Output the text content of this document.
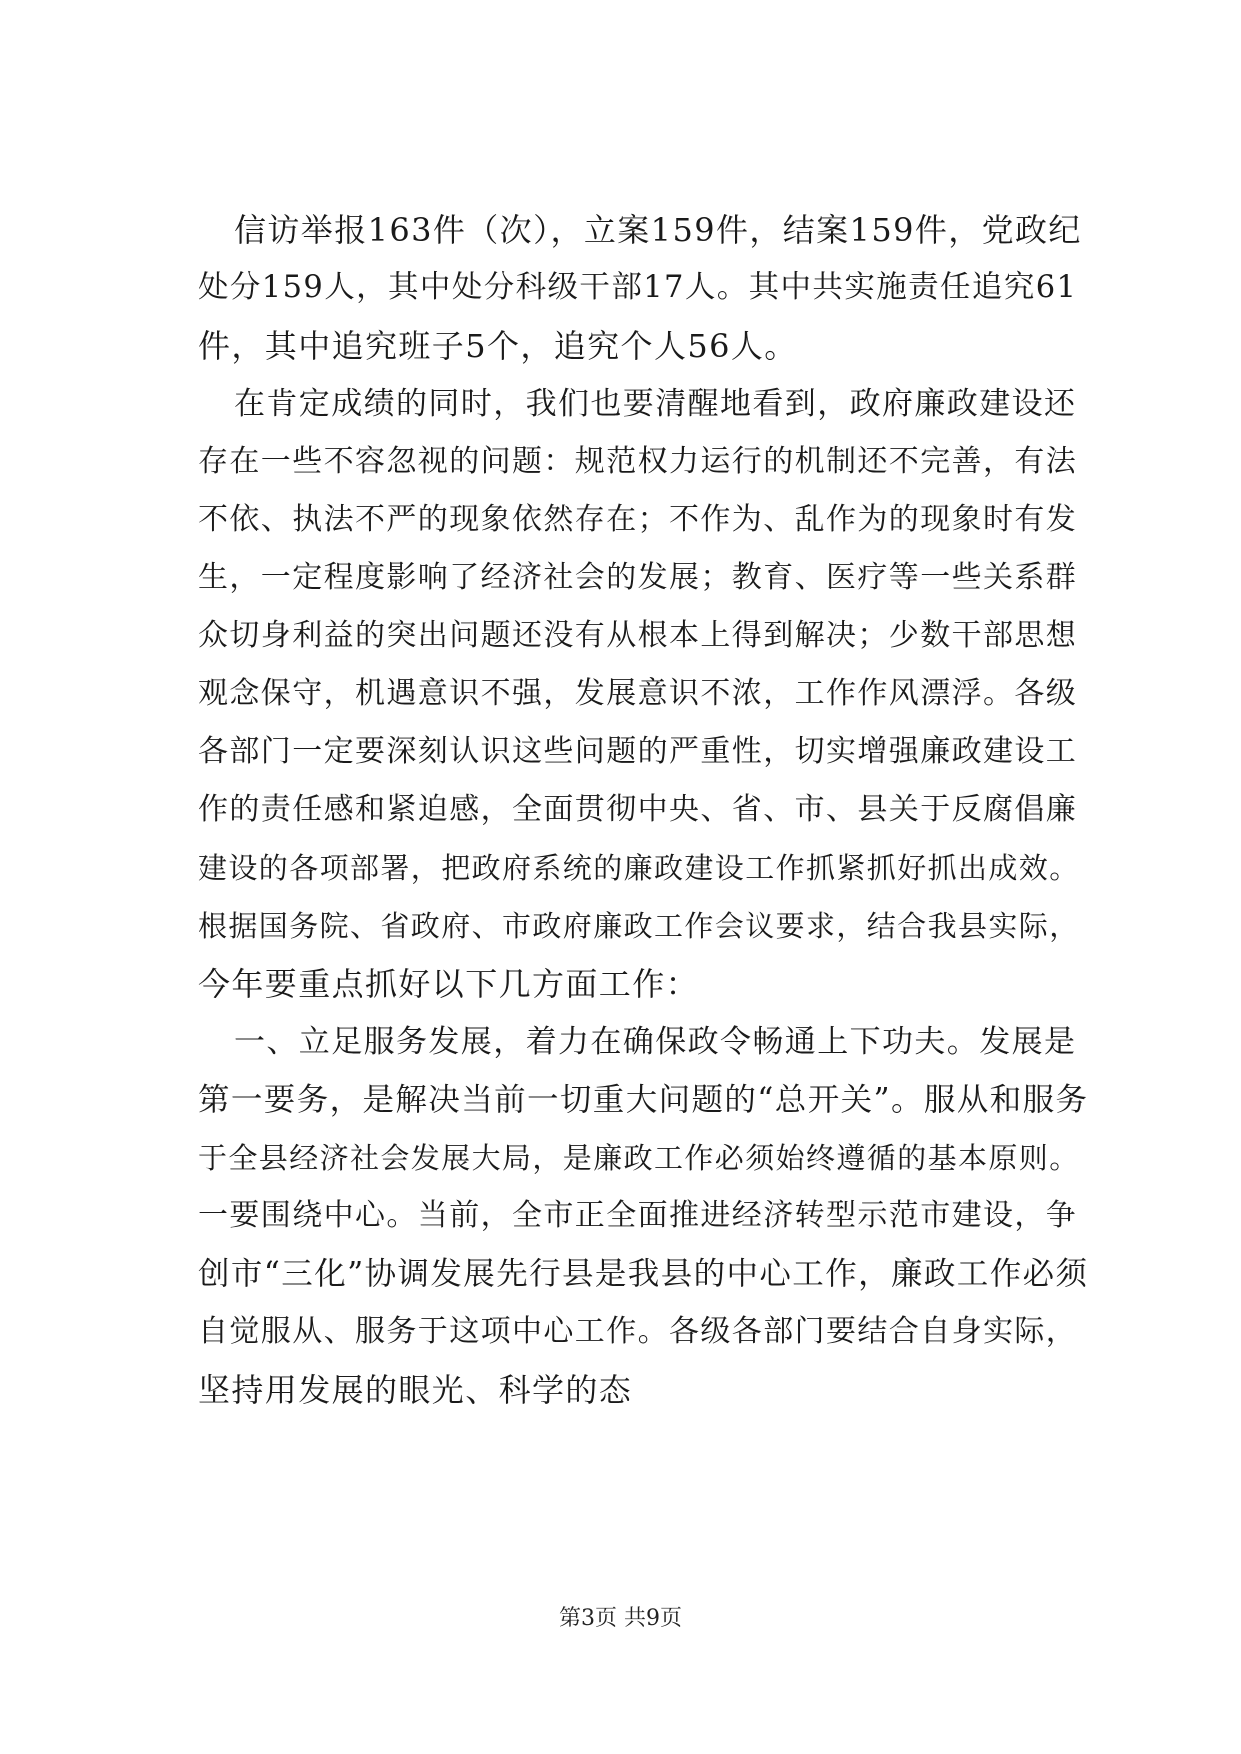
信访举报163件（次），立案159件，结案159件，党政纪
处分159人，其中处分科级干部17人。其中共实施责任追究61
件，其中追究班子5个，追究个人56人。
在肯定成绩的同时，我们也要清醒地看到，政府廉政建设还
存在一些不容忽视的问题：规范权力运行的机制还不完善，有法
不依、执法不严的现象依然存在；不作为、乱作为的现象时有发
生，一定程度影响了经济社会的发展；教育、医疗等一些关系群
众切身利益的突出问题还没有从根本上得到解决；少数干部思想
观念保守，机遇意识不强，发展意识不浓，工作作风漂浮。各级
各部门一定要深刻认识这些问题的严重性，切实增强廉政建设工
作的责任感和紧迫感，全面贯彻中央、省、市、县关于反腐倡廉
建设的各项部署，把政府系统的廉政建设工作抓紧抓好抓出成效。
根据国务院、省政府、市政府廉政工作会议要求，结合我县实际，
今年要重点抓好以下几方面工作：
一、立足服务发展，着力在确保政令畅通上下功夫。发展是
第一要务，是解决当前一切重大问题的“总开关”。服从和服务
于全县经济社会发展大局，是廉政工作必须始终遵循的基本原则。
一要围绕中心。当前，全市正全面推进经济转型示范市建设，争
创市“三化”协调发展先行县是我县的中心工作，廉政工作必须
自觉服从、服务于这项中心工作。各级各部门要结合自身实际，
坚持用发展的眼光、科学的态
第3页 共9页
